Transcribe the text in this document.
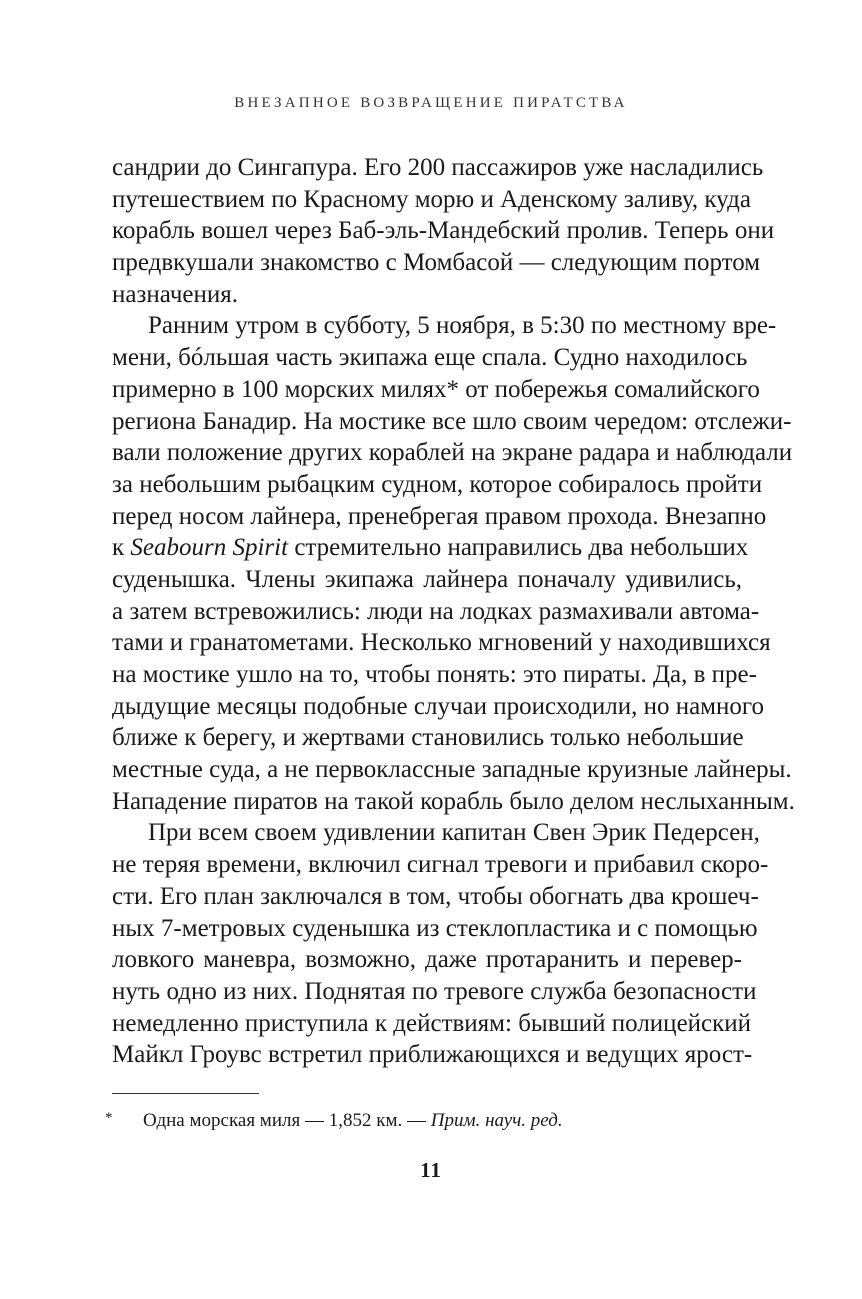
ВНЕЗАПНОЕ ВОЗВРАЩЕНИЕ ПИРАТСТВА
сандрии до Сингапура. Его 200 пассажиров уже насладились
путешествием по Красному морю и Аденскому заливу, куда
корабль вошел через Баб-эль-Мандебский пролив. Теперь они
предвкушали знакомство с Момбасой — следующим портом
назначения.
Ранним утром в субботу, 5 ноября, в 5:30 по местному вре-
мени, бóльшая часть экипажа еще спала. Судно находилось
примерно в 100 морских милях* от побережья сомалийского
региона Банадир. На мостике все шло своим чередом: отслежи-
вали положение других кораблей на экране радара и наблюдали
за небольшим рыбацким судном, которое собиралось пройти
перед носом лайнера, пренебрегая правом прохода. Внезапно
к Seabourn Spirit стремительно направились два небольших
суденышка. Члены экипажа лайнера поначалу удивились,
а затем встревожились: люди на лодках размахивали автома-
тами и гранатометами. Несколько мгновений у находившихся
на мостике ушло на то, чтобы понять: это пираты. Да, в пре-
дыдущие месяцы подобные случаи происходили, но намного
ближе к берегу, и жертвами становились только небольшие
местные суда, а не первоклассные западные круизные лайнеры.
Нападение пиратов на такой корабль было делом неслыханным.
При всем своем удивлении капитан Свен Эрик Педерсен,
не теряя времени, включил сигнал тревоги и прибавил скоро-
сти. Его план заключался в том, чтобы обогнать два крошеч-
ных 7-метровых суденышка из стеклопластика и с помощью
ловкого маневра, возможно, даже протаранить и перевер-
нуть одно из них. Поднятая по тревоге служба безопасности
немедленно приступила к действиям: бывший полицейский
Майкл Гроувс встретил приближающихся и ведущих ярост-
* Одна морская миля — 1,852 км. — Прим. науч. ред.
11
